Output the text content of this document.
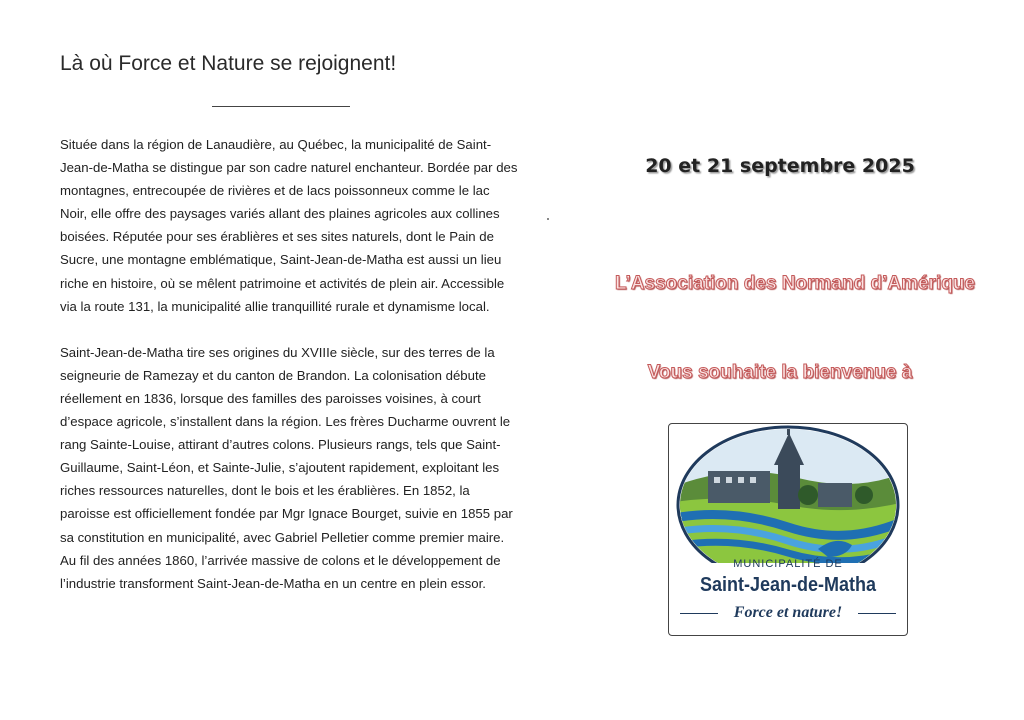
Là où Force et Nature se rejoignent!

Située dans la région de Lanaudière, au Québec, la municipalité de Saint-Jean-de-Matha se distingue par son cadre naturel enchanteur. Bordée par des montagnes, entrecoupée de rivières et de lacs poissonneux comme le lac Noir, elle offre des paysages variés allant des plaines agricoles aux collines boisées. Réputée pour ses érablières et ses sites naturels, dont le Pain de Sucre, une montagne emblématique, Saint-Jean-de-Matha est aussi un lieu riche en histoire, où se mêlent patrimoine et activités de plein air. Accessible via la route 131, la municipalité allie tranquillité rurale et dynamisme local.

Saint-Jean-de-Matha tire ses origines du XVIIIe siècle, sur des terres de la seigneurie de Ramezay et du canton de Brandon. La colonisation débute réellement en 1836, lorsque des familles des paroisses voisines, à court d’espace agricole, s’installent dans la région. Les frères Ducharme ouvrent le rang Sainte-Louise, attirant d’autres colons. Plusieurs rangs, tels que Saint-Guillaume, Saint-Léon, et Sainte-Julie, s’ajoutent rapidement, exploitant les riches ressources naturelles, dont le bois et les érablières. En 1852, la paroisse est officiellement fondée par Mgr Ignace Bourget, suivie en 1855 par sa constitution en municipalité, avec Gabriel Pelletier comme premier maire. Au fil des années 1860, l’arrivée massive de colons et le développement de l’industrie transforment Saint-Jean-de-Matha en un centre en plein essor.

20 et 21 septembre 2025
L’Association des Normand d’Amérique
Vous souhaite la bienvenue à
MUNICIPALITÉ DE
Saint-Jean-de-Matha
Force et nature!
